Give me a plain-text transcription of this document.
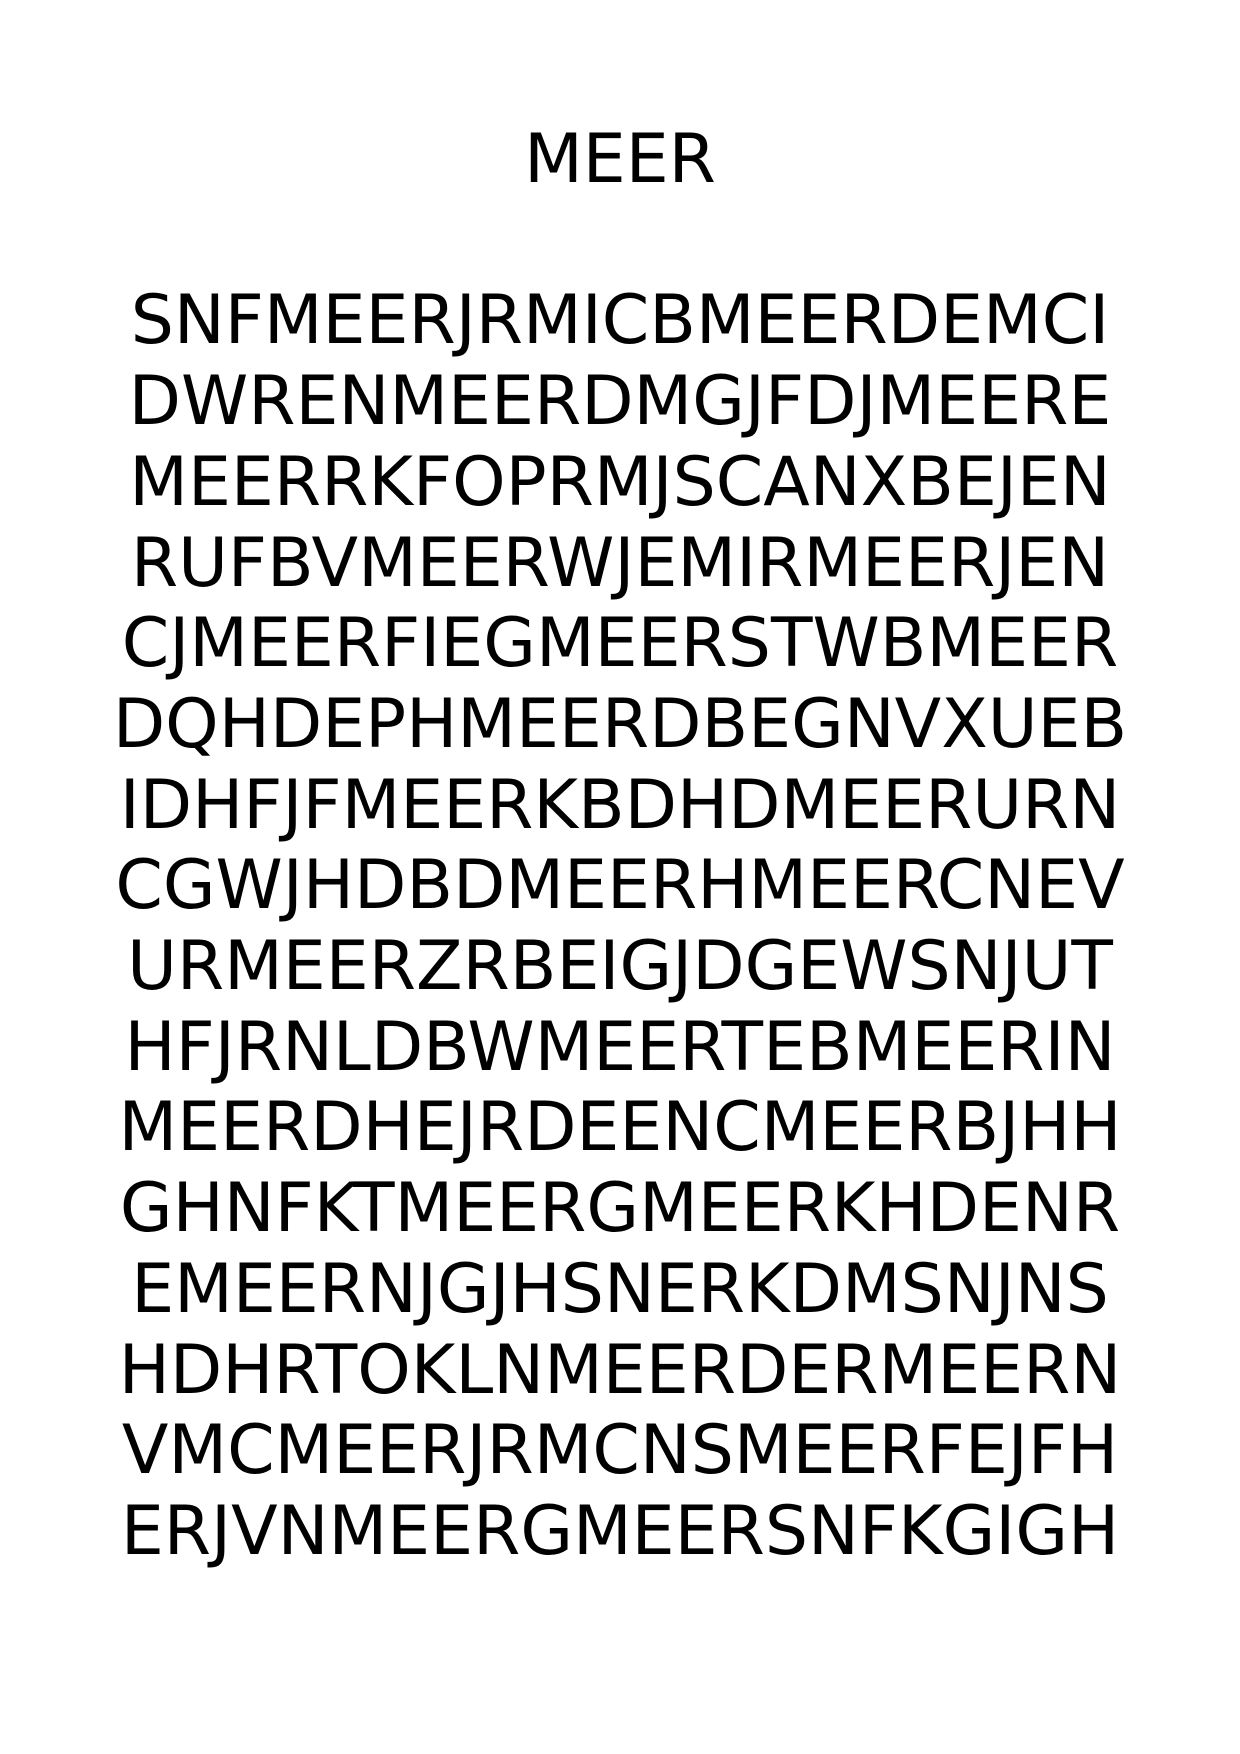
MEER
SNFMEERJRMICBMEERDEMCI
DWRENMEERDMGJFDJMEERE
MEERRKFOPRMJSCANXBEJEN
RUFBVMEERWJEMIRMEERJEN
CJMEERFIEGMEERSTWBMEER
DQHDEPHMEERDBEGNVXUEB
IDHFJFMEERKBDHDMEERURN
CGWJHDBDMEERHMEERCNEV
URMEERZRBEIGJDGEWSNJUT
HFJRNLDBWMEERTEBMEERIN
MEERDHEJRDEENCMEERBJHH
GHNFKTMEERGMEERKHDENR
EMEERNJGJHSNERKDMSNJNS
HDHRTOKLNMEERDERMEERN
VMCMEERJRMCNSMEERFEJFH
ERJVNMEERGMEERSNFKGIGH
